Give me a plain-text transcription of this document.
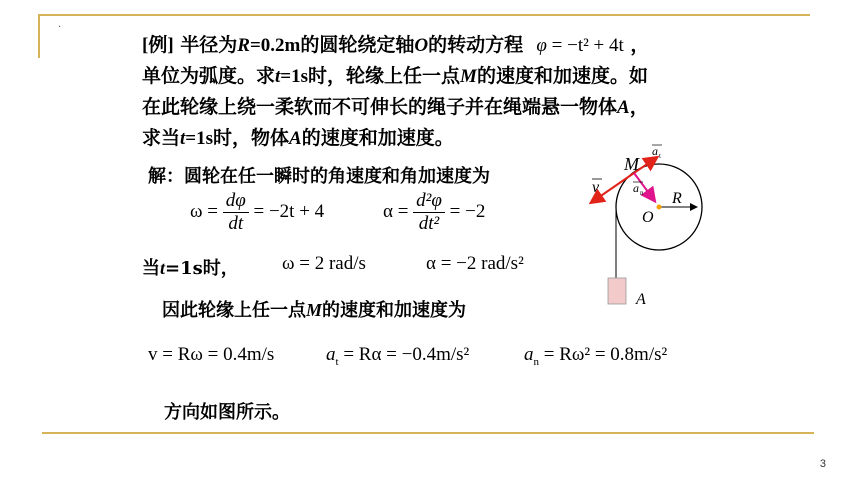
·
[例] 半径为R=0.2m的圆轮绕定轴O的转动方程 φ = −t² + 4t ，
单位为弧度。求t=1s时，轮缘上任一点M的速度和加速度。如
在此轮缘上绕一柔软而不可伸长的绳子并在绳端悬一物体A，
求当t=1s时，物体A的速度和加速度。
解：圆轮在任一瞬时的角速度和角加速度为
$\omega = \frac{d\varphi}{dt} = -2t + 4$	$\alpha = \frac{\text{d²φ}}{\text{dt²}} = -2$
当t=1s时， ω = 2 rad/s	α = −2 rad/s²
因此轮缘上任一点M的速度和加速度为
v = Rω = 0.4m/s	$a_t = R\alpha = -0.4m/s^2$	$a_n = R\omega^2 = 0.8m/s^2$
方向如图所示。
M
O
R
A
v
a t
a n
3
